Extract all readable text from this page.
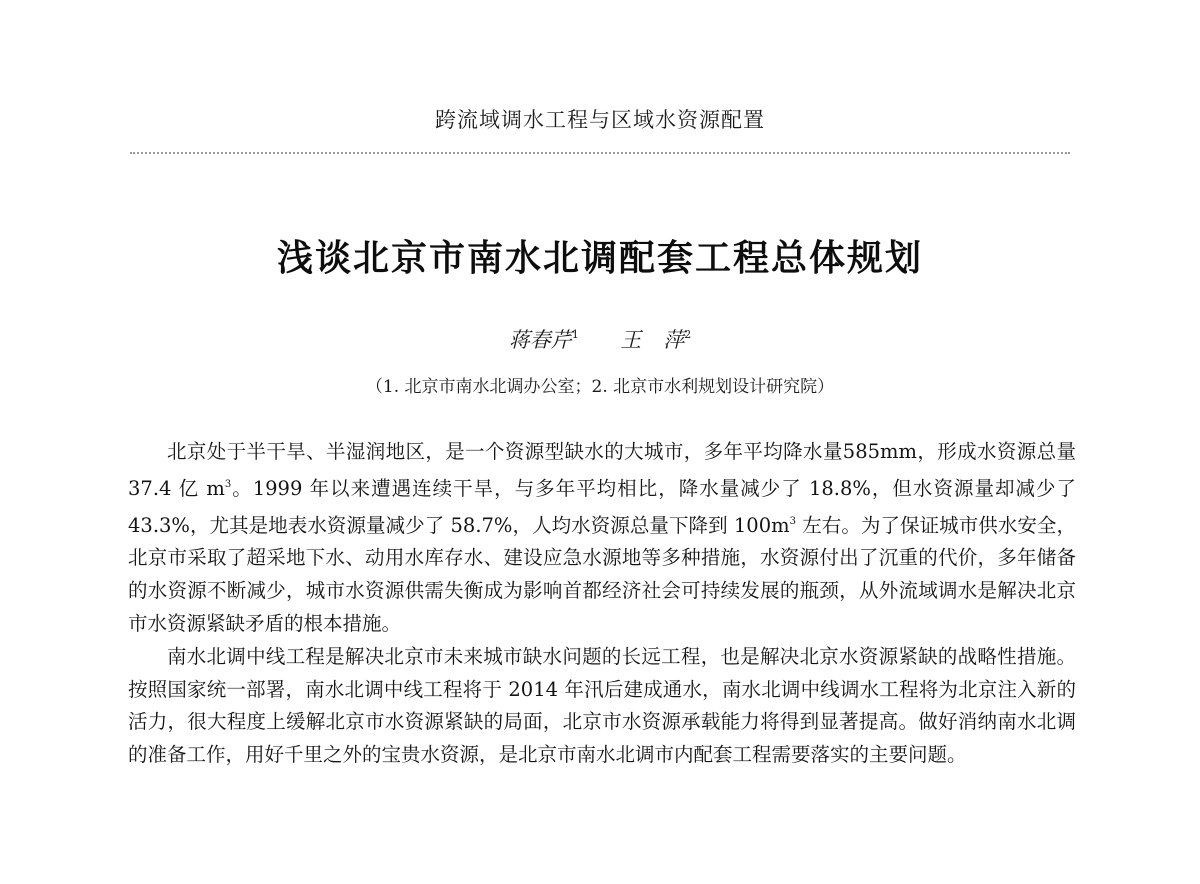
跨流域调水工程与区域水资源配置
浅谈北京市南水北调配套工程总体规划
蒋春芹$^1$ 王 萍$^2$
（1. 北京市南水北调办公室；2. 北京市水利规划设计研究院）

北京处于半干旱、半湿润地区，是一个资源型缺水的大城市，多年平均降水量585mm，形成水资源总量 37.4 亿 $m^3$。1999 年以来遭遇连续干旱，与多年平均相比，降水量减少了 18.8%，但水资源量却减少了 43.3%，尤其是地表水资源量减少了 58.7%，人均水资源总量下降到 $100m^3$ 左右。为了保证城市供水安全，北京市采取了超采地下水、动用水库存水、建设应急水源地等多种措施，水资源付出了沉重的代价，多年储备的水资源不断减少，城市水资源供需失衡成为影响首都经济社会可持续发展的瓶颈，从外流域调水是解决北京市水资源紧缺矛盾的根本措施。

南水北调中线工程是解决北京市未来城市缺水问题的长远工程，也是解决北京水资源紧缺的战略性措施。按照国家统一部署，南水北调中线工程将于 2014 年汛后建成通水，南水北调中线调水工程将为北京注入新的活力，很大程度上缓解北京市水资源紧缺的局面，北京市水资源承载能力将得到显著提高。做好消纳南水北调的准备工作，用好千里之外的宝贵水资源，是北京市南水北调市内配套工程需要落实的主要问题。
